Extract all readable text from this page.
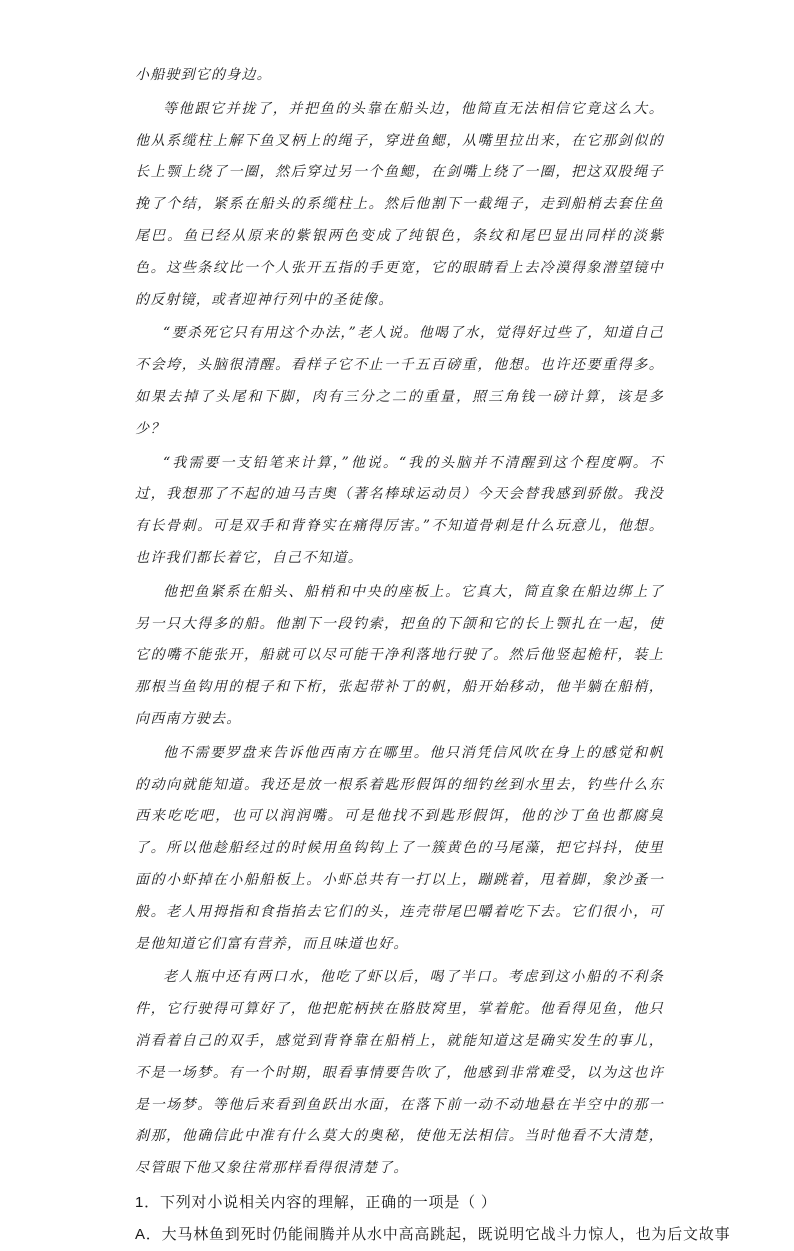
小船驶到它的身边。

等他跟它并拢了，并把鱼的头靠在船头边，他简直无法相信它竟这么大。他从系缆柱上解下鱼叉柄上的绳子，穿进鱼鳃，从嘴里拉出来，在它那剑似的长上颚上绕了一圈，然后穿过另一个鱼鳃，在剑嘴上绕了一圈，把这双股绳子挽了个结，紧系在船头的系缆柱上。然后他割下一截绳子，走到船梢去套住鱼尾巴。鱼已经从原来的紫银两色变成了纯银色，条纹和尾巴显出同样的淡紫色。这些条纹比一个人张开五指的手更宽，它的眼睛看上去冷漠得象潜望镜中的反射镜，或者迎神行列中的圣徒像。

“要杀死它只有用这个办法，”老人说。他喝了水，觉得好过些了，知道自己不会垮，头脑很清醒。看样子它不止一千五百磅重，他想。也许还要重得多。如果去掉了头尾和下脚，肉有三分之二的重量，照三角钱一磅计算，该是多少？

“我需要一支铅笔来计算，”他说。“我的头脑并不清醒到这个程度啊。不过，我想那了不起的迪马吉奥（著名棒球运动员）今天会替我感到骄傲。我没有长骨刺。可是双手和背脊实在痛得厉害。”不知道骨刺是什么玩意儿，他想。也许我们都长着它，自己不知道。

他把鱼紧系在船头、船梢和中央的座板上。它真大，简直象在船边绑上了另一只大得多的船。他割下一段钓索，把鱼的下颌和它的长上颚扎在一起，使它的嘴不能张开，船就可以尽可能干净利落地行驶了。然后他竖起桅杆，装上那根当鱼钩用的棍子和下桁，张起带补丁的帆，船开始移动，他半躺在船梢，向西南方驶去。

他不需要罗盘来告诉他西南方在哪里。他只消凭信风吹在身上的感觉和帆的动向就能知道。我还是放一根系着匙形假饵的细钓丝到水里去，钓些什么东西来吃吃吧，也可以润润嘴。可是他找不到匙形假饵，他的沙丁鱼也都腐臭了。所以他趁船经过的时候用鱼钩钩上了一簇黄色的马尾藻，把它抖抖，使里面的小虾掉在小船船板上。小虾总共有一打以上，蹦跳着，甩着脚，象沙蚤一般。老人用拇指和食指掐去它们的头，连壳带尾巴嚼着吃下去。它们很小，可是他知道它们富有营养，而且味道也好。

老人瓶中还有两口水，他吃了虾以后，喝了半口。考虑到这小船的不利条件，它行驶得可算好了，他把舵柄挟在胳肢窝里，掌着舵。他看得见鱼，他只消看着自己的双手，感觉到背脊靠在船梢上，就能知道这是确实发生的事儿，不是一场梦。有一个时期，眼看事情要告吹了，他感到非常难受，以为这也许是一场梦。等他后来看到鱼跃出水面，在落下前一动不动地悬在半空中的那一刹那，他确信此中准有什么莫大的奥秘，使他无法相信。当时他看不大清楚，尽管眼下他又象往常那样看得很清楚了。

1．下列对小说相关内容的理解，正确的一项是（ ）

A．大马林鱼到死时仍能闹腾并从水中高高跳起，既说明它战斗力惊人，也为后文故事
